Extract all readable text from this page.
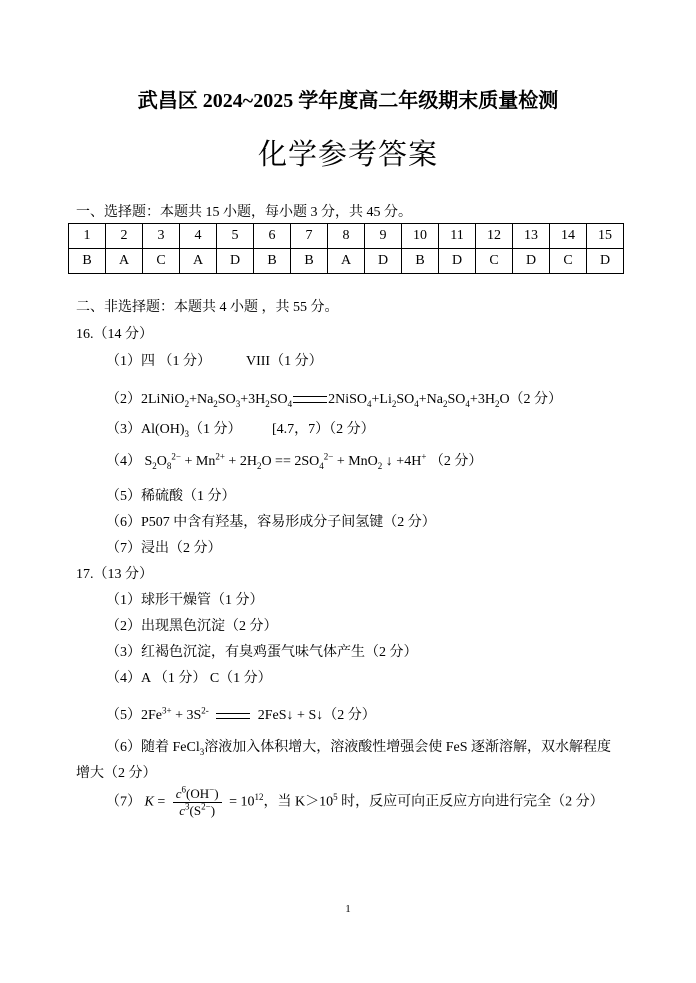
武昌区 2024~2025 学年度高二年级期末质量检测
化学参考答案
一、选择题：本题共 15 小题，每小题 3 分，共 45 分。
1	2	3	4	5	6	7	8	9	10	11	12	13	14	15
B	A	C	A	D	B	B	A	D	B	D	C	D	C	D
二、非选择题：本题共 4 小题 ，共 55 分。
16.（14 分）
（1）四 （1 分）	VIII（1 分）
$(2)2LiNiO_2+Na_2SO_3+3H_2SO_4$	$2NiSO_4+Li_2SO_4+Na_2SO_4+3H_2O(2$ 分）
$(3)Al(OH)_3(1$ 分） [4.7，7）（2 分）
（4） $S_2O_8^{2-} + Mn^{2+} + 2H_2O == 2SO_4^{2-} + MnO_2$ ↓ +4H+ （2 分）
（5）稀硫酸（1 分）
（6）P507 中含有羟基，容易形成分子间氢键（2 分）
（7）浸出（2 分）
17.（13 分）
（1）球形干燥管（1 分）
（2）出现黑色沉淀（2 分）
（3）红褐色沉淀，有臭鸡蛋气味气体产生（2 分）
（4）A （1 分） C（1 分）
$(5)2Fe^{3+} + 3S^{2-}$	2FeS↓ + S↓（2 分）
（6）随着 FeCl$_3$溶液加入体积增大，溶液酸性增强会使 FeS 逐渐溶解，双水解程度
增大（2 分）
（7） $K = \frac{c^6(OH^-)}{c^3(S^{2-})} = 10^{12}$，当 $K>10^5$ 时，反应可向正反应方向进行完全（2 分）
1
